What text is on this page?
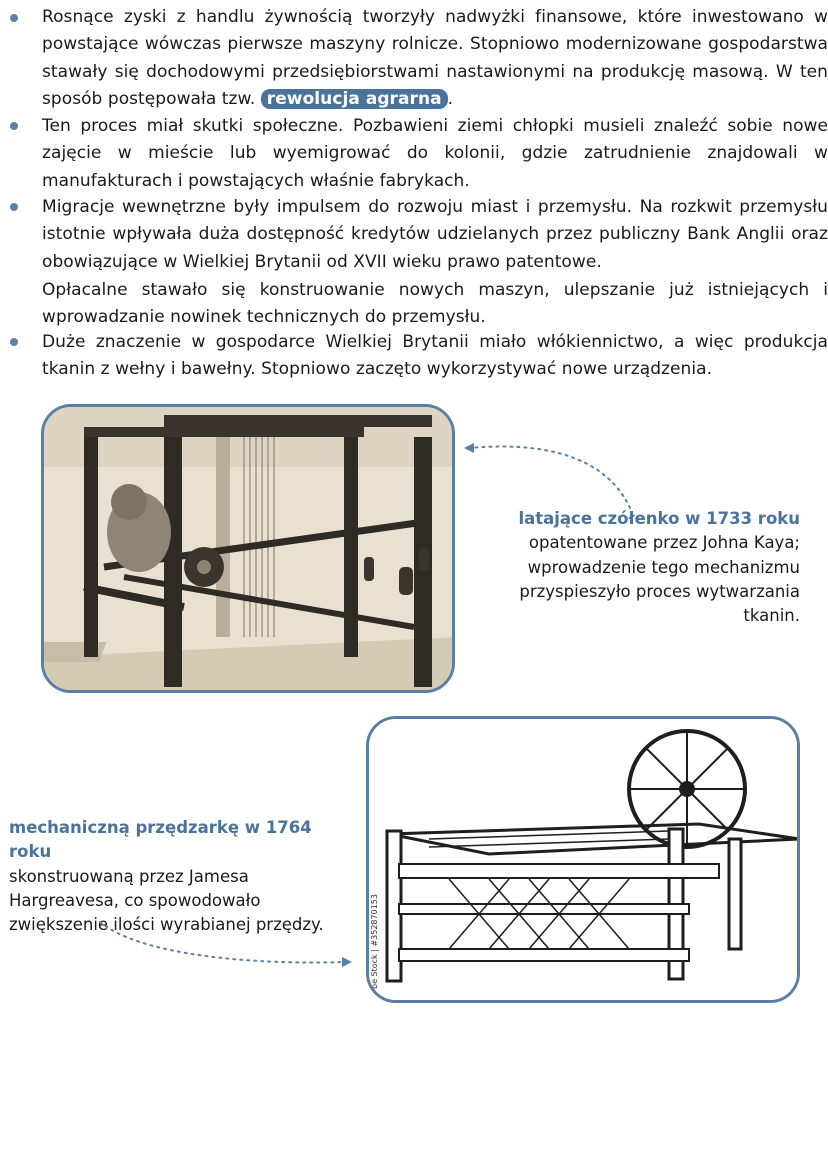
Rosnące zyski z handlu żywnością tworzyły nadwyżki finansowe, które inwestowano w powstające wówczas pierwsze maszyny rolnicze. Stopniowo modernizowane gospodarstwa stawały się dochodowymi przedsiębiorstwami nastawionymi na produkcję masową. W ten sposób postępowała tzw. rewolucja agrarna .
Ten proces miał skutki społeczne. Pozbawieni ziemi chłopki musieli znaleźć sobie nowe zajęcie w mieście lub wyemigrować do kolonii, gdzie zatrudnienie znajdowali w manufakturach i powstających właśnie fabrykach.
Migracje wewnętrzne były impulsem do rozwoju miast i przemysłu. Na rozkwit przemysłu istotnie wpływała duża dostępność kredytów udzielanych przez publiczny Bank Anglii oraz obowiązujące w Wielkiej Brytanii od XVII wieku prawo patentowe.
Opłacalne stawało się konstruowanie nowych maszyn, ulepszanie już istniejących i wprowadzanie nowinek technicznych do przemysłu.
Duże znaczenie w gospodarce Wielkiej Brytanii miało włókiennictwo, a więc produkcja tkanin z wełny i bawełny. Stopniowo zaczęto wykorzystywać nowe urządzenia.
latające czółenko w 1733 roku
opatentowane przez Johna Kaya;
wprowadzenie tego mechanizmu
przyspieszyło proces wytwarzania
tkanin.
be Stock | #352870153
mechaniczną przędzarkę w 1764 roku
skonstruowaną przez Jamesa
Hargreavesa, co spowodowało
zwiększenie ilości wyrabianej przędzy.
